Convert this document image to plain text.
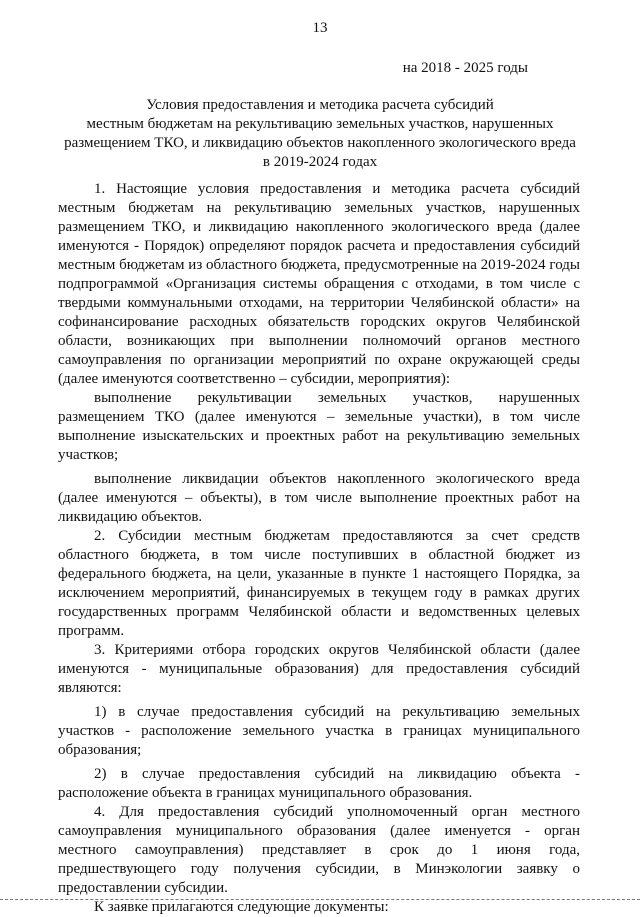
13
на 2018 - 2025 годы
Условия предоставления и методика расчета субсидий
местным бюджетам на рекультивацию земельных участков, нарушенных
размещением ТКО, и ликвидацию объектов накопленного экологического вреда
в 2019-2024 годах

1. Настоящие условия предоставления и методика расчета субсидий местным бюджетам на рекультивацию земельных участков, нарушенных размещением ТКО, и ликвидацию накопленного экологического вреда (далее именуются - Порядок) определяют порядок расчета и предоставления субсидий местным бюджетам из областного бюджета, предусмотренные на 2019-2024 годы подпрограммой «Организация системы обращения с отходами, в том числе с твердыми коммунальными отходами, на территории Челябинской области» на софинансирование расходных обязательств городских округов Челябинской области, возникающих при выполнении полномочий органов местного самоуправления по организации мероприятий по охране окружающей среды (далее именуются соответственно – субсидии, мероприятия):

выполнение рекультивации земельных участков, нарушенных размещением ТКО (далее именуются – земельные участки), в том числе выполнение изыскательских и проектных работ на рекультивацию земельных участков;

выполнение ликвидации объектов накопленного экологического вреда (далее именуются – объекты), в том числе выполнение проектных работ на ликвидацию объектов.

2. Субсидии местным бюджетам предоставляются за счет средств областного бюджета, в том числе поступивших в областной бюджет из федерального бюджета, на цели, указанные в пункте 1 настоящего Порядка, за исключением мероприятий, финансируемых в текущем году в рамках других государственных программ Челябинской области и ведомственных целевых программ.

3. Критериями отбора городских округов Челябинской области (далее именуются - муниципальные образования) для предоставления субсидий являются:

1) в случае предоставления субсидий на рекультивацию земельных участков - расположение земельного участка в границах муниципального образования;

2) в случае предоставления субсидий на ликвидацию объекта - расположение объекта в границах муниципального образования.

4. Для предоставления субсидий уполномоченный орган местного самоуправления муниципального образования (далее именуется - орган местного самоуправления) представляет в срок до 1 июня года, предшествующего году получения субсидии, в Минэкологии заявку о предоставлении субсидии.

К заявке прилагаются следующие документы:
